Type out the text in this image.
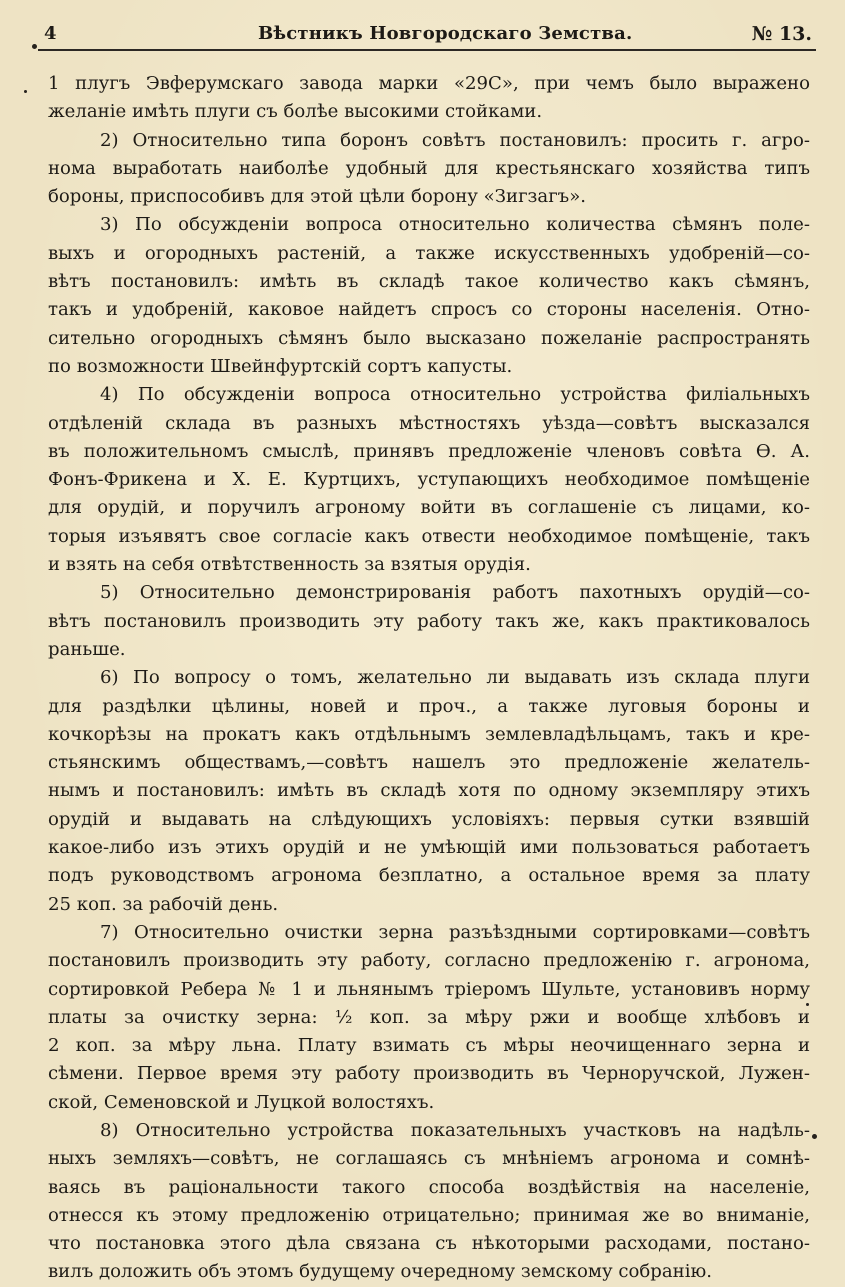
4	Вѣстникъ Новгородскаго Земства.	№ 13.
1 плугъ Эвферумскаго завода марки «29С», при чемъ было выражено
желаніе имѣть плуги съ болѣе высокими стойками.
2) Относительно типа боронъ совѣтъ постановилъ: просить г. агро-
нома выработать наиболѣе удобный для крестьянскаго хозяйства типъ
бороны, приспособивъ для этой цѣли борону «Зигзагъ».
3) По обсужденіи вопроса относительно количества сѣмянъ поле-
выхъ и огородныхъ растеній, а также искусственныхъ удобреній—со-
вѣтъ постановилъ: имѣть въ складѣ такое количество какъ сѣмянъ,
такъ и удобреній, каковое найдетъ спросъ со стороны населенія. Отно-
сительно огородныхъ сѣмянъ было высказано пожеланіе распространять
по возможности Швейнфуртскій сортъ капусты.
4) По обсужденіи вопроса относительно устройства филіальныхъ
отдѣленій склада въ разныхъ мѣстностяхъ уѣзда—совѣтъ высказался
въ положительномъ смыслѣ, принявъ предложеніе членовъ совѣта Ѳ. А.
Фонъ-Фрикена и Х. Е. Куртцихъ, уступающихъ необходимое помѣщеніе
для орудій, и поручилъ агроному войти въ соглашеніе съ лицами, ко-
торыя изъявятъ свое согласіе какъ отвести необходимое помѣщеніе, такъ
и взять на себя отвѣтственность за взятыя орудія.
5) Относительно демонстрированія работъ пахотныхъ орудій—со-
вѣтъ постановилъ производить эту работу такъ же, какъ практиковалось
раньше.
6) По вопросу о томъ, желательно ли выдавать изъ склада плуги
для раздѣлки цѣлины, новей и проч., а также луговыя бороны и
кочкорѣзы на прокатъ какъ отдѣльнымъ землевладѣльцамъ, такъ и кре-
стьянскимъ обществамъ,—совѣтъ нашелъ это предложеніе желатель-
нымъ и постановилъ: имѣть въ складѣ хотя по одному экземпляру этихъ
орудій и выдавать на слѣдующихъ условіяхъ: первыя сутки взявшій
какое-либо изъ этихъ орудій и не умѣющій ими пользоваться работаетъ
подъ руководствомъ агронома безплатно, а остальное время за плату
25 коп. за рабочій день.
7) Относительно очистки зерна разъѣздными сортировками—совѣтъ
постановилъ производить эту работу, согласно предложенію г. агронома,
сортировкой Ребера № 1 и льнянымъ тріеромъ Шульте, установивъ норму
платы за очистку зерна: ½ коп. за мѣру ржи и вообще хлѣбовъ и
2 коп. за мѣру льна. Плату взимать съ мѣры неочищеннаго зерна и
сѣмени. Первое время эту работу производить въ Черноручской, Лужен-
ской, Семеновской и Луцкой волостяхъ.
8) Относительно устройства показательныхъ участковъ на надѣль-
ныхъ земляхъ—совѣтъ, не соглашаясь съ мнѣніемъ агронома и сомнѣ-
ваясь въ раціональности такого способа воздѣйствія на населеніе,
отнесся къ этому предложенію отрицательно; принимая же во вниманіе,
что постановка этого дѣла связана съ нѣкоторыми расходами, постано-
вилъ доложить объ этомъ будущему очередному земскому собранію.
